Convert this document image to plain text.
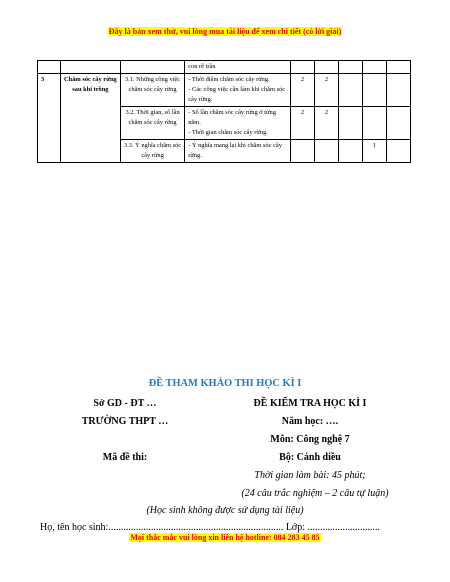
Đây là bản xem thử, vui lòng mua tài liệu để xem chi tiết (có lời giải)
			con rễ trần					
3	Chăm sóc cây rừng sau khi trồng	3.1. Những công việc chăm sóc cây rừng	- Thời điểm chăm sóc cây rừng.
- Các công việc cần làm khi chăm sóc cây rừng.	2	2			
		3.2. Thời gian, số lần chăm sóc cây rừng	- Số lần chăm sóc cây rừng ở từng năm.
- Thời gian chăm sóc cây rừng.	2	2			
		3.3. Ý nghĩa chăm sóc cây rừng	- Ý nghĩa mang lại khi chăm sóc cây rừng.				1	
ĐỀ THAM KHẢO THI HỌC KÌ I
Sở GD - ĐT …
TRƯỜNG THPT …
Mã đề thi:
ĐỀ KIỂM TRA HỌC KÌ I
Năm học: ….
Môn: Công nghệ 7
Bộ: Cánh diều
Thời gian làm bài: 45 phút;
(24 câu trắc nghiệm – 2 câu tự luận)
(Học sinh không được sử dụng tài liệu)
Họ, tên học sinh:...................................................................... Lớp: .............................
Mọi thắc mắc vui lòng xin liên hệ hotline: 084 283 45 85
